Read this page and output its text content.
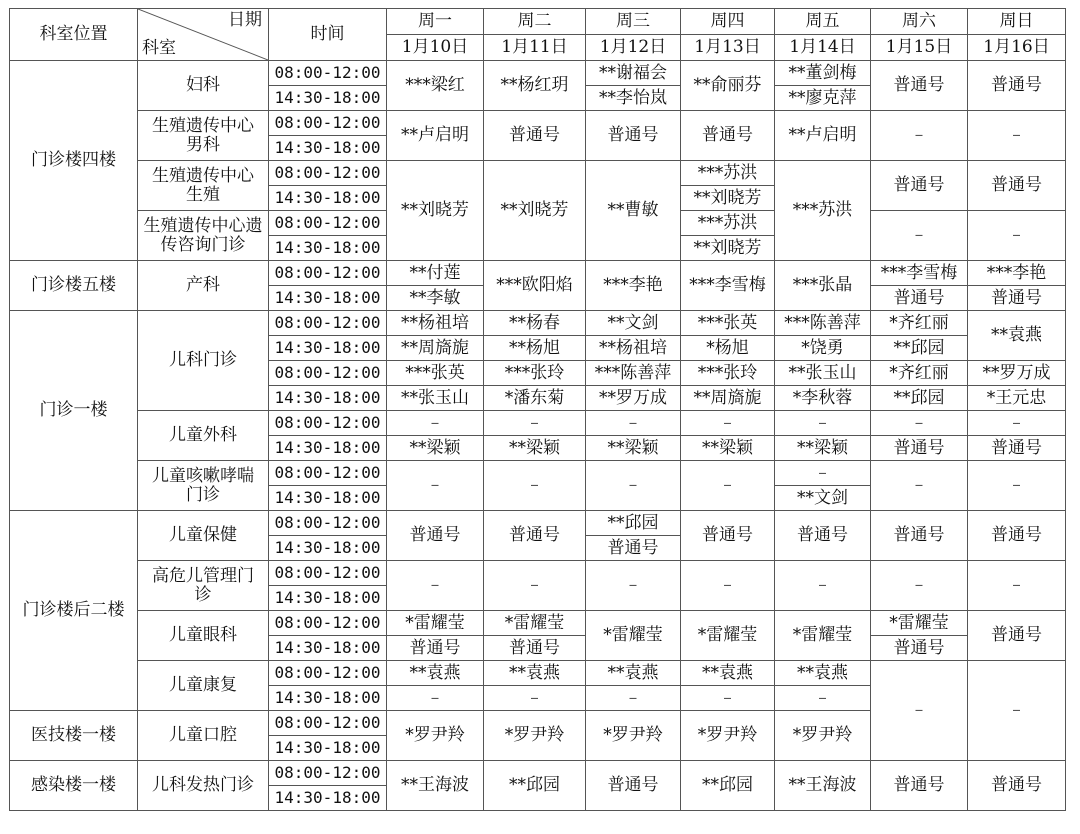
科室位置	日期
科室	时间	周一	周二	周三	周四	周五	周六	周日
			1月10日	1月11日	1月12日	1月13日	1月14日	1月15日	1月16日
门诊楼四楼	妇科	08:00-12:00	***梁红	**杨红玥	**谢福会	**俞丽芬	**董剑梅	普通号	普通号
		14:30-18:00			**李怡岚		**廖克萍		
	生殖遗传中心男科	08:00-12:00	**卢启明	普通号	普通号	普通号	**卢启明	–	–
		14:30-18:00							
	生殖遗传中心生殖	08:00-12:00	**刘晓芳	**刘晓芳	**曹敏	***苏洪	***苏洪	普通号	普通号
		14:30-18:00				**刘晓芳			
	生殖遗传中心遗传咨询门诊	08:00-12:00				***苏洪		–	–
		14:30-18:00				**刘晓芳			
门诊楼五楼	产科	08:00-12:00	**付莲	***欧阳焰	***李艳	***李雪梅	***张晶	***李雪梅	***李艳
		14:30-18:00	**李敏					普通号	普通号
门诊一楼	儿科门诊	08:00-12:00	**杨祖培	**杨春	**文剑	***张英	***陈善萍	*齐红丽	**袁燕
		14:30-18:00	**周旖旎	**杨旭	**杨祖培	*杨旭	*饶勇	**邱园	
		08:00-12:00	***张英	***张玲	***陈善萍	***张玲	**张玉山	*齐红丽	**罗万成
		14:30-18:00	**张玉山	*潘东菊	**罗万成	**周旖旎	*李秋蓉	**邱园	*王元忠
	儿童外科	08:00-12:00	–	–	–	–	–	–	–
		14:30-18:00	**梁颖	**梁颖	**梁颖	**梁颖	**梁颖	普通号	普通号
	儿童咳嗽哮喘门诊	08:00-12:00	–	–	–	–	–	–	–
		14:30-18:00					**文剑		
门诊楼后二楼	儿童保健	08:00-12:00	普通号	普通号	**邱园	普通号	普通号	普通号	普通号
		14:30-18:00			普通号				
	高危儿管理门诊	08:00-12:00	–	–	–	–	–	–	–
		14:30-18:00							
	儿童眼科	08:00-12:00	*雷耀莹	*雷耀莹	*雷耀莹	*雷耀莹	*雷耀莹	*雷耀莹	普通号
		14:30-18:00	普通号	普通号				普通号	
	儿童康复	08:00-12:00	**袁燕	**袁燕	**袁燕	**袁燕	**袁燕	–	–
		14:30-18:00	–	–	–	–	–		
医技楼一楼	儿童口腔	08:00-12:00	*罗尹羚	*罗尹羚	*罗尹羚	*罗尹羚	*罗尹羚		
		14:30-18:00							
感染楼一楼	儿科发热门诊	08:00-12:00	**王海波	**邱园	普通号	**邱园	**王海波	普通号	普通号
		14:30-18:00							
